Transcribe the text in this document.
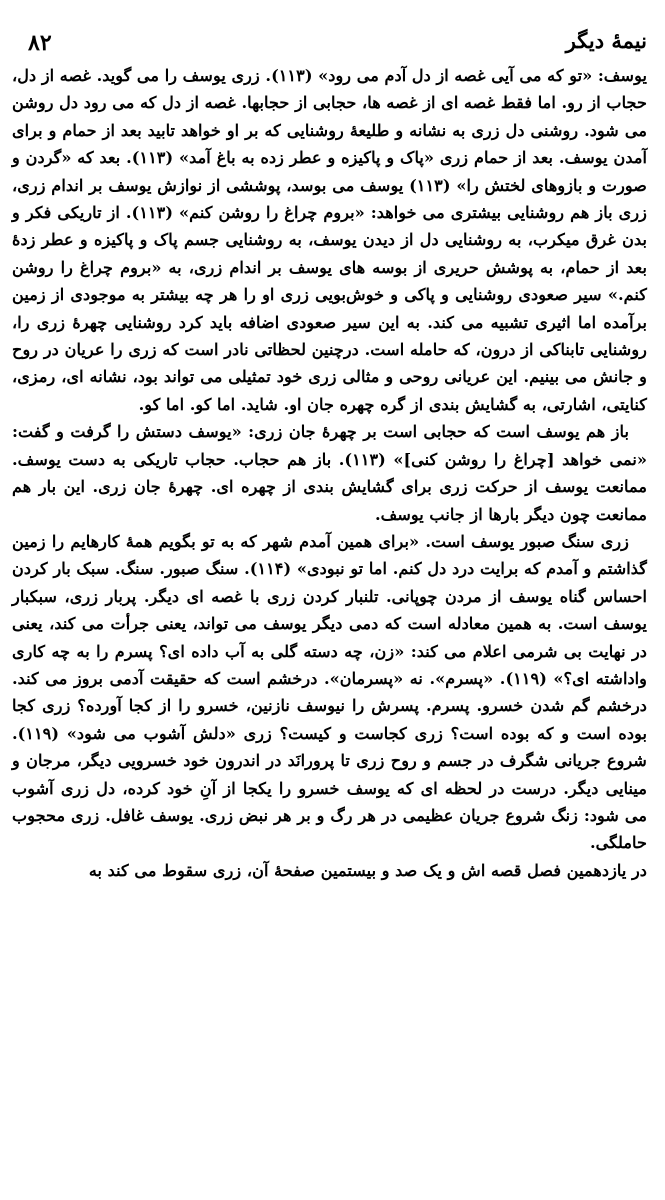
۸۲	نیمهٔ دیگر

یوسف: «تو که می آیی غصه از دل آدم می رود» (۱۱۳). زری یوسف را می گوید. غصه از دل، حجاب از رو. اما فقط غصه ای از غصه ها، حجابی از حجابها. غصه از دل که می رود دل روشن می شود. روشنی دل زری به نشانه و طلیعهٔ روشنایی که بر او خواهد تابید بعد از حمام و برای آمدن یوسف. بعد از حمام زری «پاک و پاکیزه و عطر زده به باغ آمد» (۱۱۳). بعد که «گردن و صورت و بازوهای لختش را» (۱۱۳) یوسف می بوسد، پوششی از نوازش یوسف بر اندام زری، زری باز هم روشنایی بیشتری می خواهد: «بروم چراغ را روشن کنم» (۱۱۳). از تاریکی فکر و بدن غرق میکرب، به روشنایی دل از دیدن یوسف، به روشنایی جسم پاک و پاکیزه و عطر زدهٔ بعد از حمام، به پوشش حریری از بوسه های یوسف بر اندام زری، به «بروم چراغ را روشن کنم.» سیر صعودی روشنایی و پاکی و خوش‌بویی زری او را هر چه بیشتر به موجودی از زمین برآمده اما اثیری تشبیه می کند. به این سیر صعودی اضافه باید کرد روشنایی چهرهٔ زری را، روشنایی تابناکی از درون، که حامله است. درچنین لحظاتی نادر است که زری را عریان در روح و جانش می بینیم. این عریانی روحی و مثالی زری خود تمثیلی می تواند بود، نشانه ای، رمزی، کنایتی، اشارتی، به گشایش بندی از گره چهره جان او. شاید. اما کو. اما کو.

باز هم یوسف است که حجابی است بر چهرهٔ جان زری: «یوسف دستش را گرفت و گفت: «نمی خواهد [چراغ را روشن کنی]» (۱۱۳). باز هم حجاب. حجاب تاریکی به دست یوسف. ممانعت یوسف از حرکت زری برای گشایش بندی از چهره ای. چهرهٔ جان زری. این بار هم ممانعت چون دیگر بارها از جانب یوسف.

زری سنگ صبور یوسف است. «برای همین آمدم شهر که به تو بگویم همهٔ کارهایم را زمین گذاشتم و آمدم که برایت درد دل کنم. اما تو نبودی» (۱۱۴). سنگ صبور. سنگ. سبک بار کردن احساس گناه یوسف از مردن چوپانی. تلنبار کردن زری با غصه ای دیگر. پربار زری، سبکبار یوسف است. به همین معادله است که دمی دیگر یوسف می تواند، یعنی جرأت می کند، یعنی در نهایت بی شرمی اعلام می کند: «زن، چه دسته گلی به آب داده ای؟ پسرم را به چه کاری واداشته ای؟» (۱۱۹). «پسرم». نه «پسرمان». درخشم است که حقیقت آدمی بروز می کند. درخشم گم شدن خسرو. پسرم. پسرش را نیوسف نازنین، خسرو را از کجا آورده؟ زری کجا بوده است و که بوده است؟ زری کجاست و کیست؟ زری «دلش آشوب می شود» (۱۱۹). شروع جریانی شگرف در جسم و روح زری تا پرورانَد در اندرون خود خسرویی دیگر، مرجان و مینایی دیگر. درست در لحظه ای که یوسف خسرو را یکجا از آنِ خود کرده، دل زری آشوب می شود: زنگ شروع جریان عظیمی در هر رگ و بر هر نبض زری. یوسف غافل. زری محجوب حاملگی.

در یازدهمین فصل قصه اش و یک صد و بیستمین صفحهٔ آن، زری سقوط می کند به
